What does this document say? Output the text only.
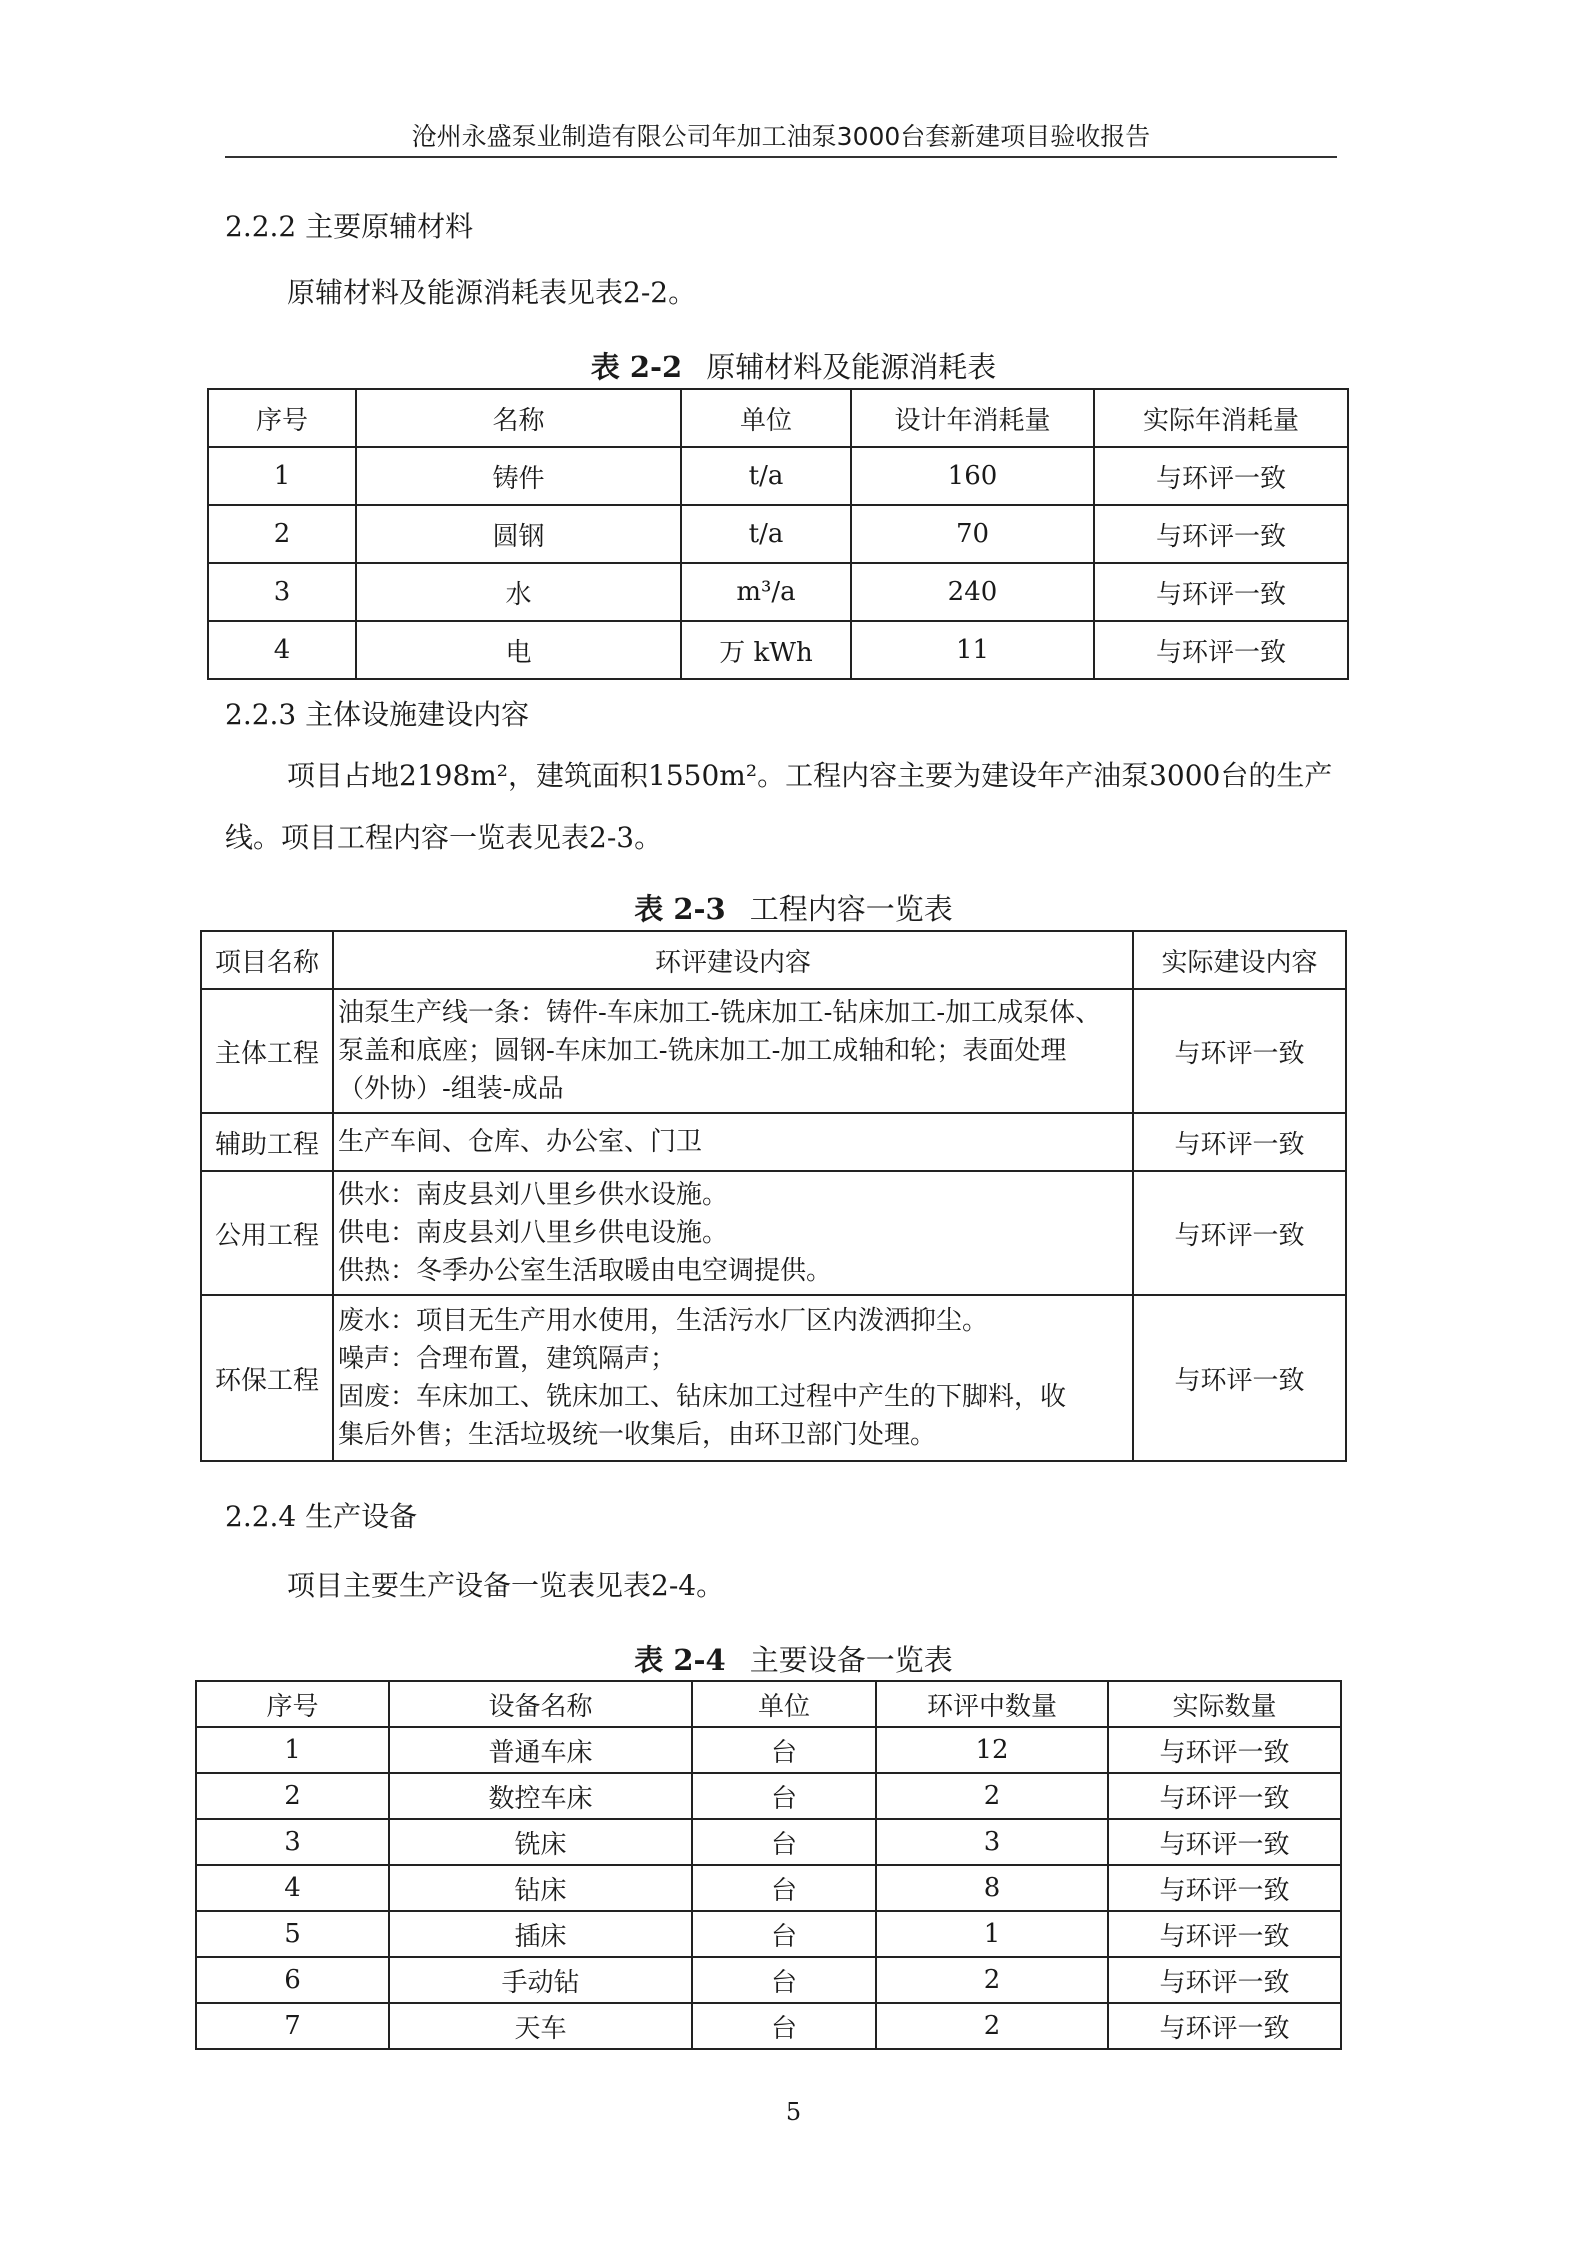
沧州永盛泵业制造有限公司年加工油泵3000台套新建项目验收报告
2.2.2 主要原辅材料
原辅材料及能源消耗表见表2-2。
表 2-2 原辅材料及能源消耗表
序号	名称	单位	设计年消耗量	实际年消耗量
1	铸件	t/a	160	与环评一致
2	圆钢	t/a	70	与环评一致
3	水	m³/a	240	与环评一致
4	电	万 kWh	11	与环评一致
2.2.3 主体设施建设内容
项目占地2198m²，建筑面积1550m²。工程内容主要为建设年产油泵3000台的生产线。项目工程内容一览表见表2-3。
表 2-3 工程内容一览表
项目名称	环评建设内容	实际建设内容
主体工程	油泵生产线一条：铸件-车床加工-铣床加工-钻床加工-加工成泵体、
泵盖和底座；圆钢-车床加工-铣床加工-加工成轴和轮；表面处理
（外协）-组装-成品	与环评一致
辅助工程	生产车间、仓库、办公室、门卫	与环评一致
公用工程	供水：南皮县刘八里乡供水设施。
供电：南皮县刘八里乡供电设施。
供热：冬季办公室生活取暖由电空调提供。	与环评一致
环保工程	废水：项目无生产用水使用，生活污水厂区内泼洒抑尘。
噪声：合理布置，建筑隔声；
固废：车床加工、铣床加工、钻床加工过程中产生的下脚料，收
集后外售；生活垃圾统一收集后，由环卫部门处理。	与环评一致
2.2.4 生产设备
项目主要生产设备一览表见表2-4。
表 2-4 主要设备一览表
序号	设备名称	单位	环评中数量	实际数量
1	普通车床	台	12	与环评一致
2	数控车床	台	2	与环评一致
3	铣床	台	3	与环评一致
4	钻床	台	8	与环评一致
5	插床	台	1	与环评一致
6	手动钻	台	2	与环评一致
7	天车	台	2	与环评一致
5
